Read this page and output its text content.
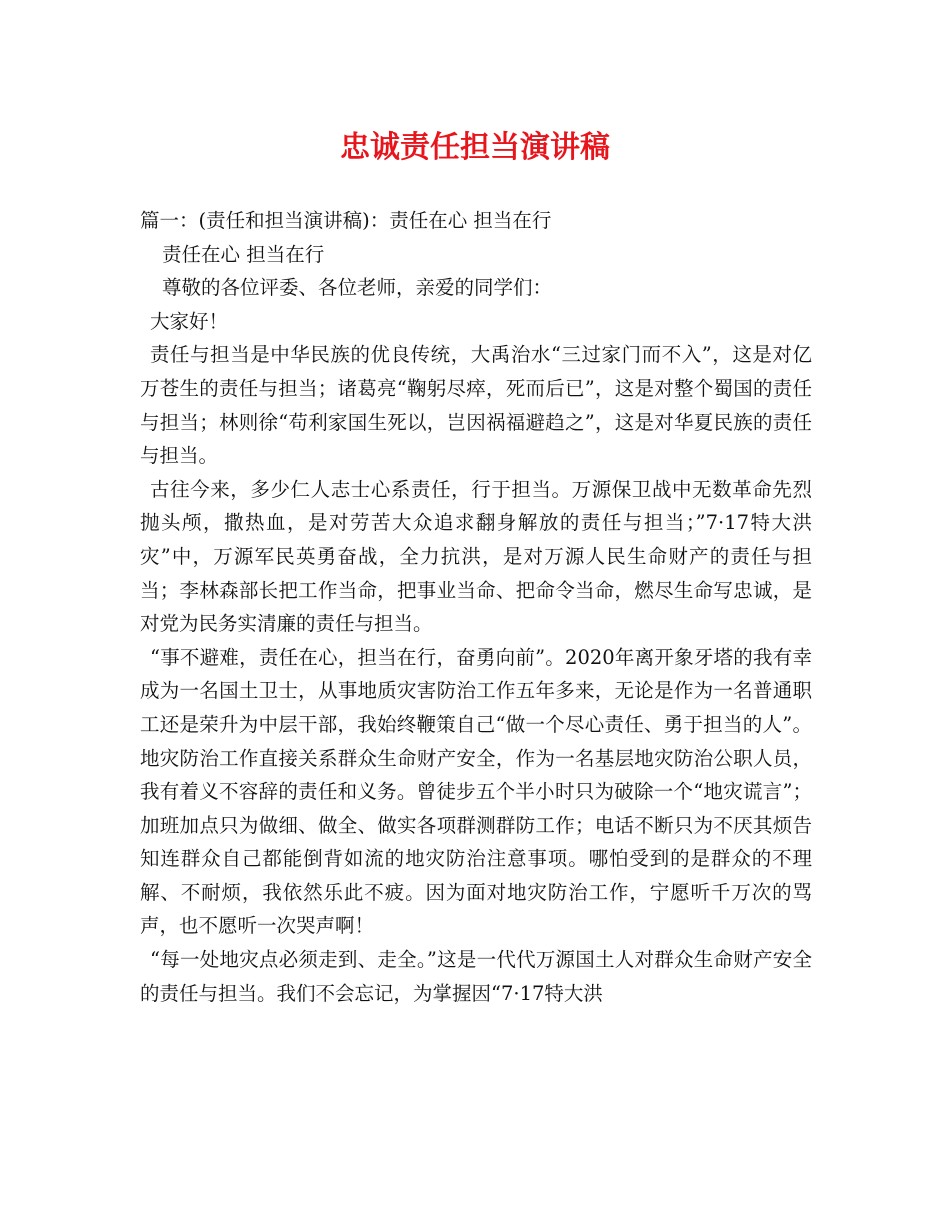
忠诚责任担当演讲稿

篇一：(责任和担当演讲稿)：责任在心 担当在行

责任在心 担当在行

尊敬的各位评委、各位老师，亲爱的同学们：

大家好！

责任与担当是中华民族的优良传统，大禹治水“三过家门而不入”，这是对亿万苍生的责任与担当；诸葛亮“鞠躬尽瘁，死而后已”，这是对整个蜀国的责任与担当；林则徐“苟利家国生死以，岂因祸福避趋之”，这是对华夏民族的责任与担当。

古往今来，多少仁人志士心系责任，行于担当。万源保卫战中无数革命先烈抛头颅，撒热血，是对劳苦大众追求翻身解放的责任与担当；”7·17特大洪灾”中，万源军民英勇奋战，全力抗洪，是对万源人民生命财产的责任与担当；李林森部长把工作当命，把事业当命、把命令当命，燃尽生命写忠诚，是对党为民务实清廉的责任与担当。

“事不避难，责任在心，担当在行，奋勇向前”。2020年离开象牙塔的我有幸成为一名国土卫士，从事地质灾害防治工作五年多来，无论是作为一名普通职工还是荣升为中层干部，我始终鞭策自己“做一个尽心责任、勇于担当的人”。地灾防治工作直接关系群众生命财产安全，作为一名基层地灾防治公职人员，我有着义不容辞的责任和义务。曾徒步五个半小时只为破除一个“地灾谎言”；加班加点只为做细、做全、做实各项群测群防工作；电话不断只为不厌其烦告知连群众自己都能倒背如流的地灾防治注意事项。哪怕受到的是群众的不理解、不耐烦，我依然乐此不疲。因为面对地灾防治工作，宁愿听千万次的骂声，也不愿听一次哭声啊！

“每一处地灾点必须走到、走全。”这是一代代万源国土人对群众生命财产安全的责任与担当。我们不会忘记，为掌握因“7·17特大洪
